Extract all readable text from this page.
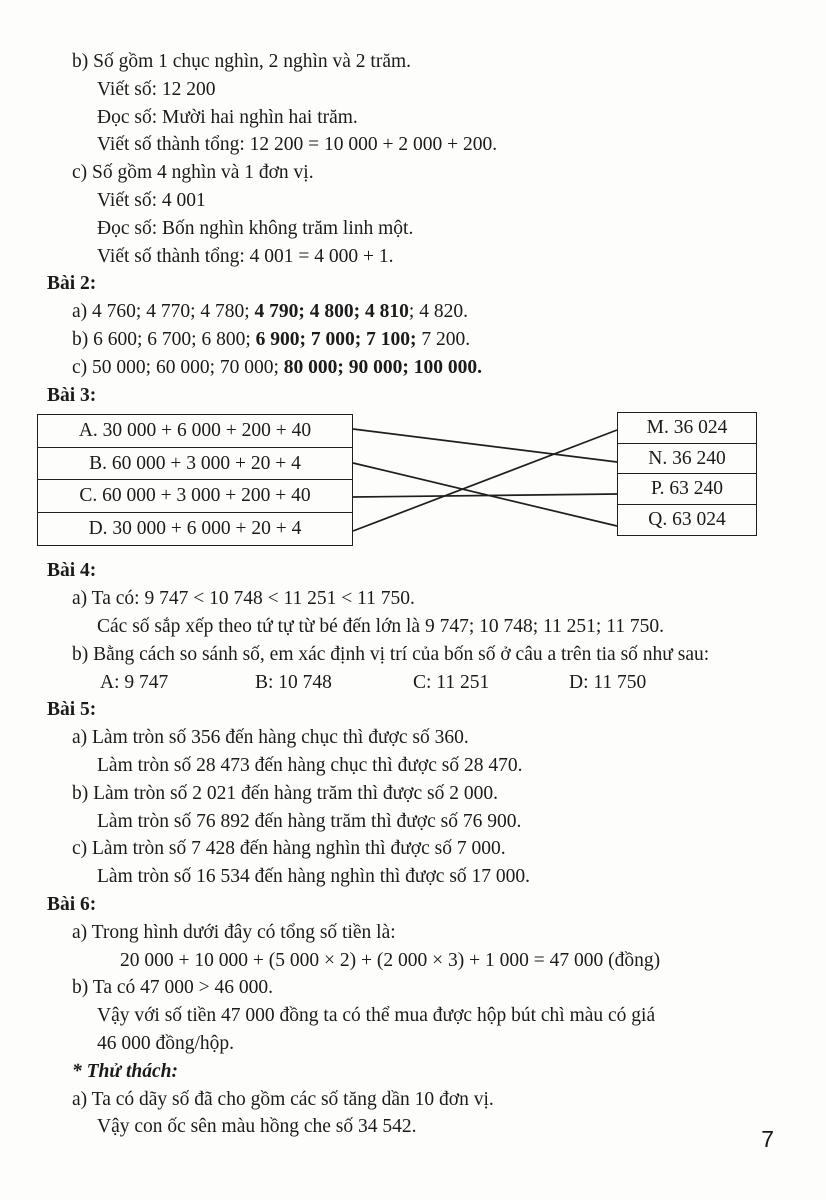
b) Số gồm 1 chục nghìn, 2 nghìn và 2 trăm.
Viết số: 12 200
Đọc số: Mười hai nghìn hai trăm.
Viết số thành tổng: 12 200 = 10 000 + 2 000 + 200.
c) Số gồm 4 nghìn và 1 đơn vị.
Viết số: 4 001
Đọc số: Bốn nghìn không trăm linh một.
Viết số thành tổng: 4 001 = 4 000 + 1.
Bài 2:
a) 4 760; 4 770; 4 780; 4 790; 4 800; 4 810; 4 820.
b) 6 600; 6 700; 6 800; 6 900; 7 000; 7 100; 7 200.
c) 50 000; 60 000; 70 000; 80 000; 90 000; 100 000.
Bài 3:
A. 30 000 + 6 000 + 200 + 40
B. 60 000 + 3 000 + 20 + 4
C. 60 000 + 3 000 + 200 + 40
D. 30 000 + 6 000 + 20 + 4
M. 36 024
N. 36 240
P. 63 240
Q. 63 024
Bài 4:
a) Ta có: 9 747 < 10 748 < 11 251 < 11 750.
Các số sắp xếp theo tứ tự từ bé đến lớn là 9 747; 10 748; 11 251; 11 750.
b) Bằng cách so sánh số, em xác định vị trí của bốn số ở câu a trên tia số như sau:
A: 9 747	B: 10 748	C: 11 251	D: 11 750
Bài 5:
a) Làm tròn số 356 đến hàng chục thì được số 360.
Làm tròn số 28 473 đến hàng chục thì được số 28 470.
b) Làm tròn số 2 021 đến hàng trăm thì được số 2 000.
Làm tròn số 76 892 đến hàng trăm thì được số 76 900.
c) Làm tròn số 7 428 đến hàng nghìn thì được số 7 000.
Làm tròn số 16 534 đến hàng nghìn thì được số 17 000.
Bài 6:
a) Trong hình dưới đây có tổng số tiền là:
20 000 + 10 000 + (5 000 × 2) + (2 000 × 3) + 1 000 = 47 000 (đồng)
b) Ta có 47 000 > 46 000.
Vậy với số tiền 47 000 đồng ta có thể mua được hộp bút chì màu có giá
46 000 đồng/hộp.
* Thử thách:
a) Ta có dãy số đã cho gồm các số tăng dần 10 đơn vị.
Vậy con ốc sên màu hồng che số 34 542.	7
